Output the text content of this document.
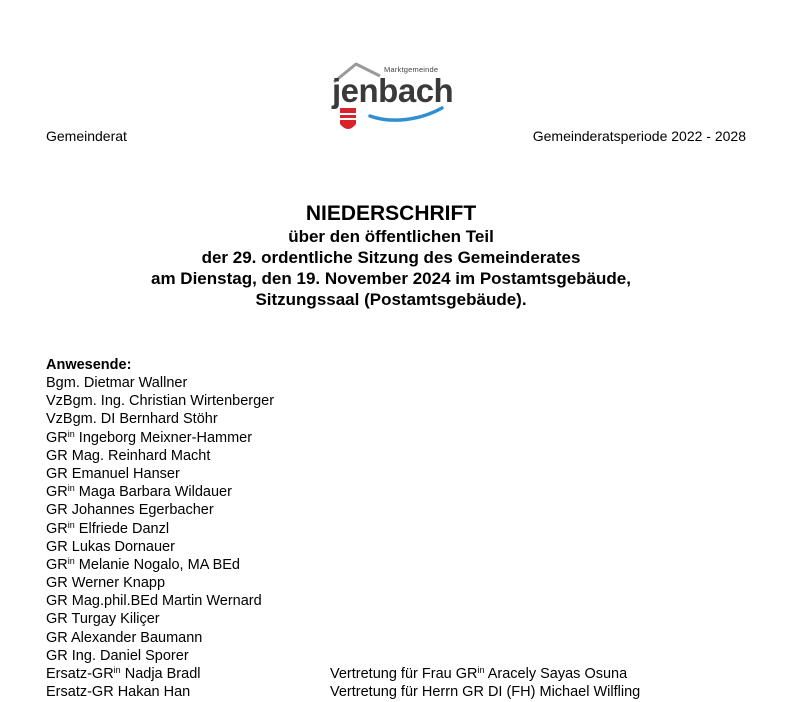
Marktgemeinde
jenbach
Gemeinderat	Gemeinderatsperiode 2022 - 2028
NIEDERSCHRIFT
über den öffentlichen Teil
der 29. ordentliche Sitzung des Gemeinderates
am Dienstag, den 19. November 2024 im Postamtsgebäude,
Sitzungssaal (Postamtsgebäude).
Anwesende:
Bgm. Dietmar Wallner
VzBgm. Ing. Christian Wirtenberger
VzBgm. DI Bernhard Stöhr
$GR^{in}$ Ingeborg Meixner-Hammer
GR Mag. Reinhard Macht
GR Emanuel Hanser
$GR^{in}$ Maga Barbara Wildauer
GR Johannes Egerbacher
$GR^{in}$ Elfriede Danzl
GR Lukas Dornauer
$GR^{in}$ Melanie Nogalo, MA BEd
GR Werner Knapp
GR Mag.phil.BEd Martin Wernard
GR Turgay Kiliçer
GR Alexander Baumann
GR Ing. Daniel Sporer
Ersatz-$GR^{in}$ Nadja Bradl	Vertretung für Frau $GR^{in}$ Aracely Sayas Osuna
Ersatz-GR Hakan Han	Vertretung für Herrn GR DI (FH) Michael Wilfling
